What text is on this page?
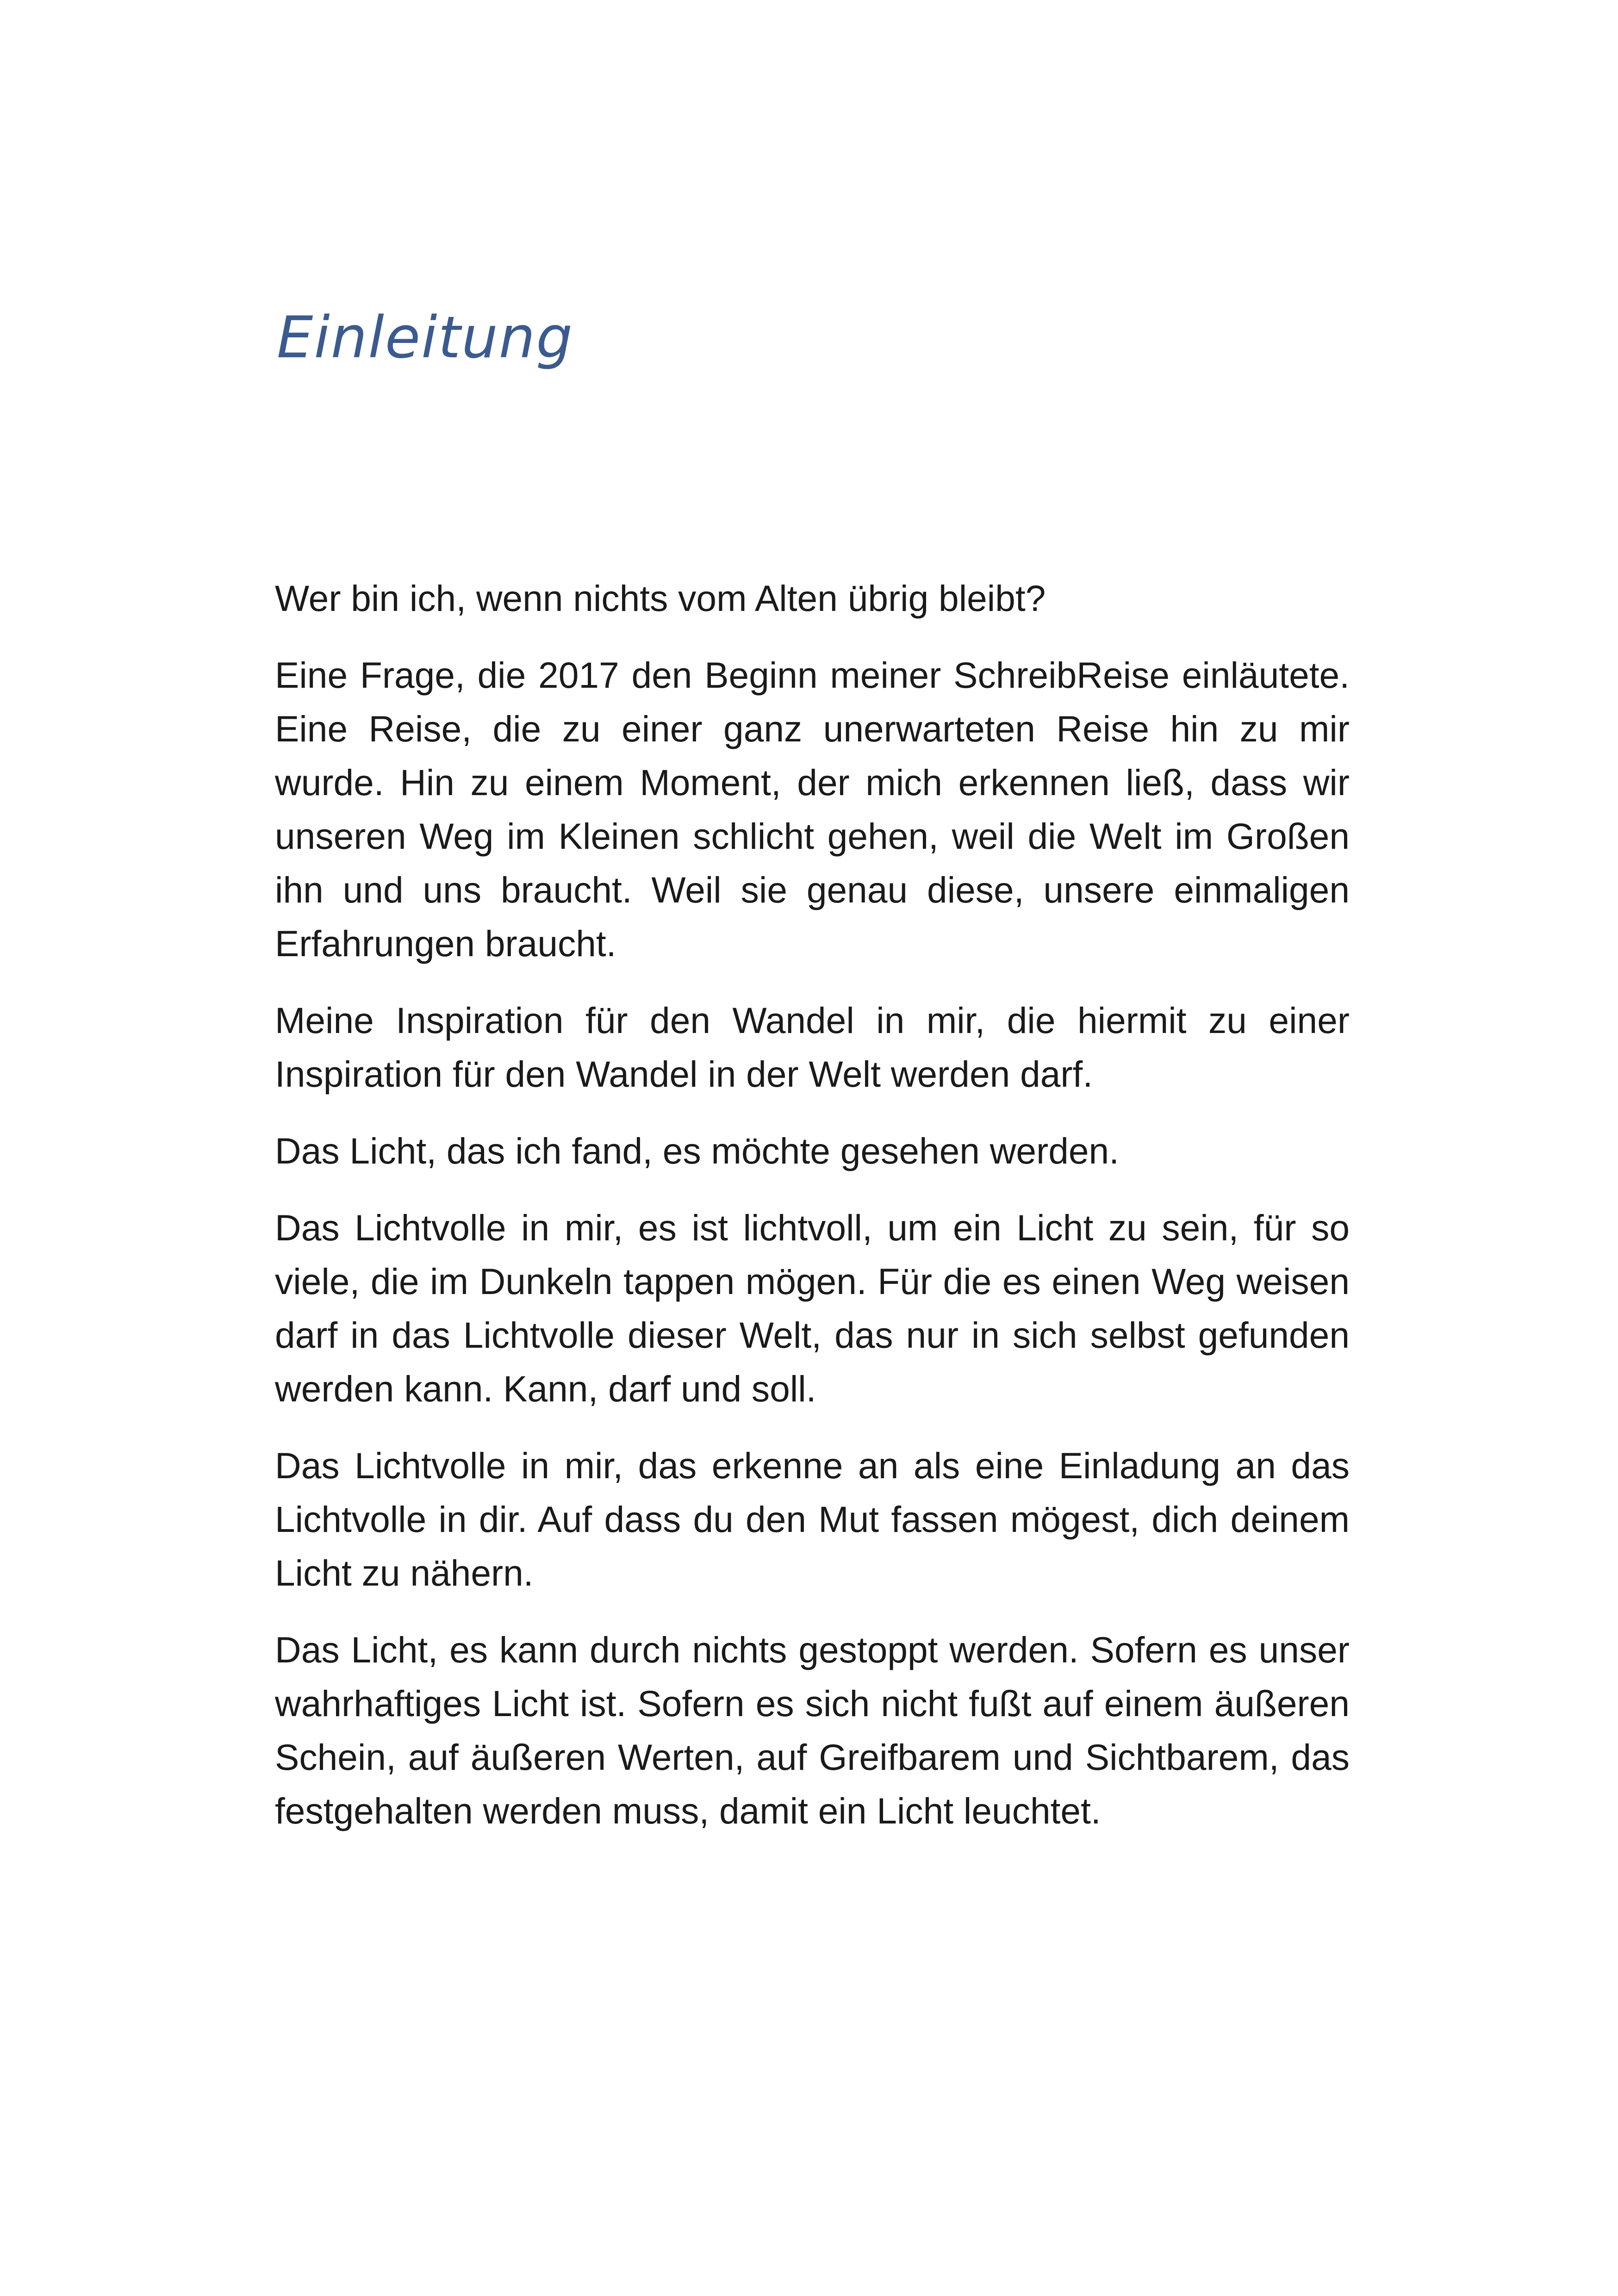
Einleitung

Wer bin ich, wenn nichts vom Alten übrig bleibt?

Eine Frage, die 2017 den Beginn meiner SchreibReise einläutete. Eine Reise, die zu einer ganz unerwarteten Reise hin zu mir wurde. Hin zu einem Moment, der mich erkennen ließ, dass wir unseren Weg im Kleinen schlicht gehen, weil die Welt im Großen ihn und uns braucht. Weil sie genau diese, unsere einmaligen Erfahrungen braucht.

Meine Inspiration für den Wandel in mir, die hiermit zu einer Inspiration für den Wandel in der Welt werden darf.

Das Licht, das ich fand, es möchte gesehen werden.

Das Lichtvolle in mir, es ist lichtvoll, um ein Licht zu sein, für so viele, die im Dunkeln tappen mögen. Für die es einen Weg weisen darf in das Lichtvolle dieser Welt, das nur in sich selbst gefunden werden kann. Kann, darf und soll.

Das Lichtvolle in mir, das erkenne an als eine Einladung an das Lichtvolle in dir. Auf dass du den Mut fassen mögest, dich deinem Licht zu nähern.

Das Licht, es kann durch nichts gestoppt werden. Sofern es unser wahrhaftiges Licht ist. Sofern es sich nicht fußt auf einem äußeren Schein, auf äußeren Werten, auf Greifbarem und Sichtbarem, das festgehalten werden muss, damit ein Licht leuchtet.
